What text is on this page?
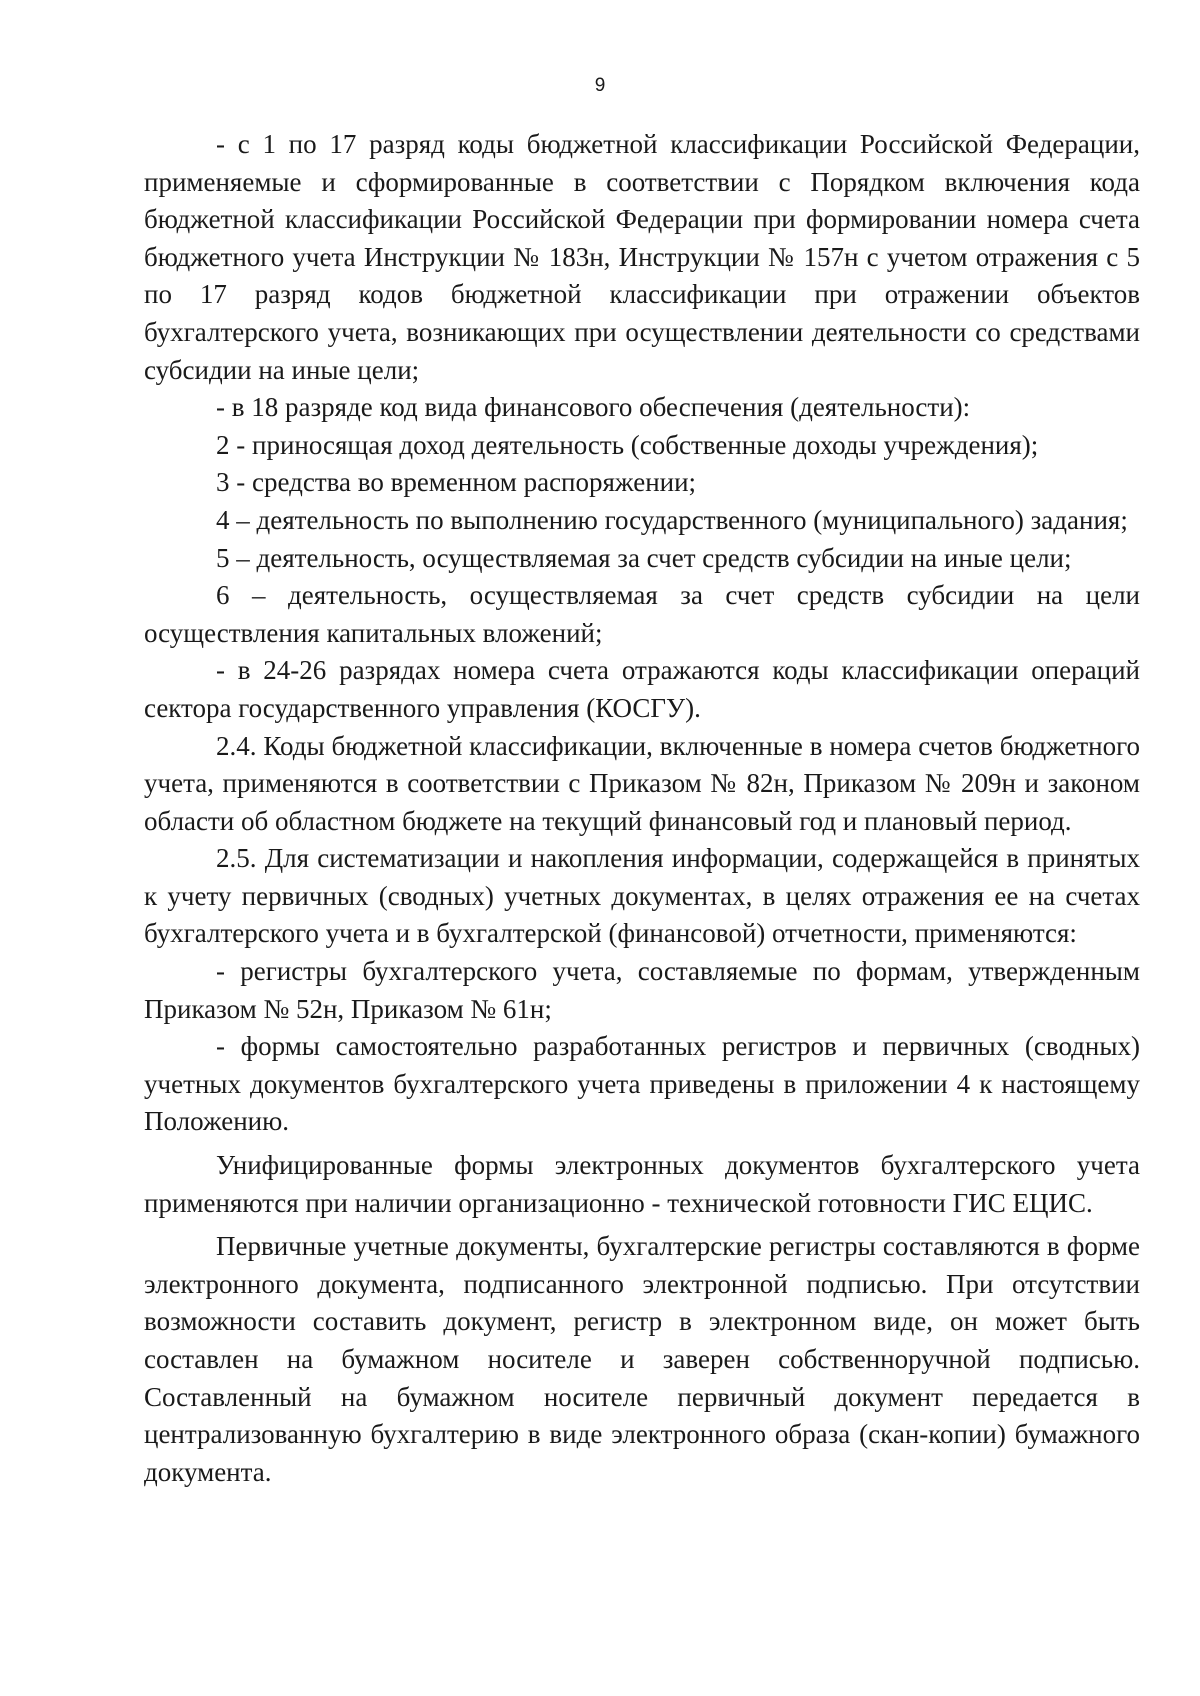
9

- с 1 по 17 разряд коды бюджетной классификации Российской Федерации, применяемые и сформированные в соответствии с Порядком включения кода бюджетной классификации Российской Федерации при формировании номера счета бюджетного учета Инструкции № 183н, Инструкции № 157н с учетом отражения с 5 по 17 разряд кодов бюджетной классификации при отражении объектов бухгалтерского учета, возникающих при осуществлении деятельности со средствами субсидии на иные цели;

- в 18 разряде код вида финансового обеспечения (деятельности):

2 - приносящая доход деятельность (собственные доходы учреждения);

3 - средства во временном распоряжении;

4 – деятельность по выполнению государственного (муниципального) задания;

5 – деятельность, осуществляемая за счет средств субсидии на иные цели;

6 – деятельность, осуществляемая за счет средств субсидии на цели осуществления капитальных вложений;

- в 24-26 разрядах номера счета отражаются коды классификации операций сектора государственного управления (КОСГУ).

2.4. Коды бюджетной классификации, включенные в номера счетов бюджетного учета, применяются в соответствии с Приказом № 82н, Приказом № 209н и законом области об областном бюджете на текущий финансовый год и плановый период.

2.5. Для систематизации и накопления информации, содержащейся в принятых к учету первичных (сводных) учетных документах, в целях отражения ее на счетах бухгалтерского учета и в бухгалтерской (финансовой) отчетности, применяются:

- регистры бухгалтерского учета, составляемые по формам, утвержденным Приказом № 52н, Приказом № 61н;

- формы самостоятельно разработанных регистров и первичных (сводных) учетных документов бухгалтерского учета приведены в приложении 4 к настоящему Положению.

Унифицированные формы электронных документов бухгалтерского учета применяются при наличии организационно - технической готовности ГИС ЕЦИС.

Первичные учетные документы, бухгалтерские регистры составляются в форме электронного документа, подписанного электронной подписью. При отсутствии возможности составить документ, регистр в электронном виде, он может быть составлен на бумажном носителе и заверен собственноручной подписью. Составленный на бумажном носителе первичный документ передается в централизованную бухгалтерию в виде электронного образа (скан-копии) бумажного документа.
